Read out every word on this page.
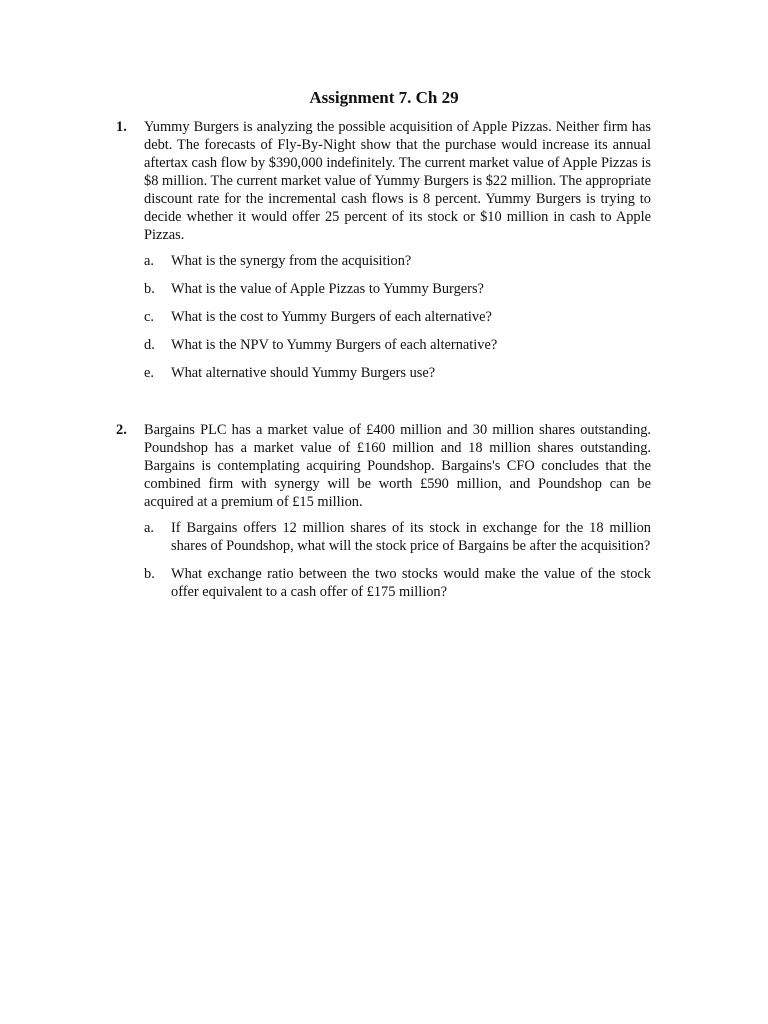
Assignment 7. Ch 29
1. Yummy Burgers is analyzing the possible acquisition of Apple Pizzas. Neither firm has debt. The forecasts of Fly-By-Night show that the purchase would increase its annual aftertax cash flow by $390,000 indefinitely. The current market value of Apple Pizzas is $8 million. The current market value of Yummy Burgers is $22 million. The appropriate discount rate for the incremental cash flows is 8 percent. Yummy Burgers is trying to decide whether it would offer 25 percent of its stock or $10 million in cash to Apple Pizzas.
a. What is the synergy from the acquisition?
b. What is the value of Apple Pizzas to Yummy Burgers?
c. What is the cost to Yummy Burgers of each alternative?
d. What is the NPV to Yummy Burgers of each alternative?
e. What alternative should Yummy Burgers use?
2. Bargains PLC has a market value of £400 million and 30 million shares outstanding. Poundshop has a market value of £160 million and 18 million shares outstanding. Bargains is contemplating acquiring Poundshop. Bargains's CFO concludes that the combined firm with synergy will be worth £590 million, and Poundshop can be acquired at a premium of £15 million.
a. If Bargains offers 12 million shares of its stock in exchange for the 18 million shares of Poundshop, what will the stock price of Bargains be after the acquisition?
b. What exchange ratio between the two stocks would make the value of the stock offer equivalent to a cash offer of £175 million?
